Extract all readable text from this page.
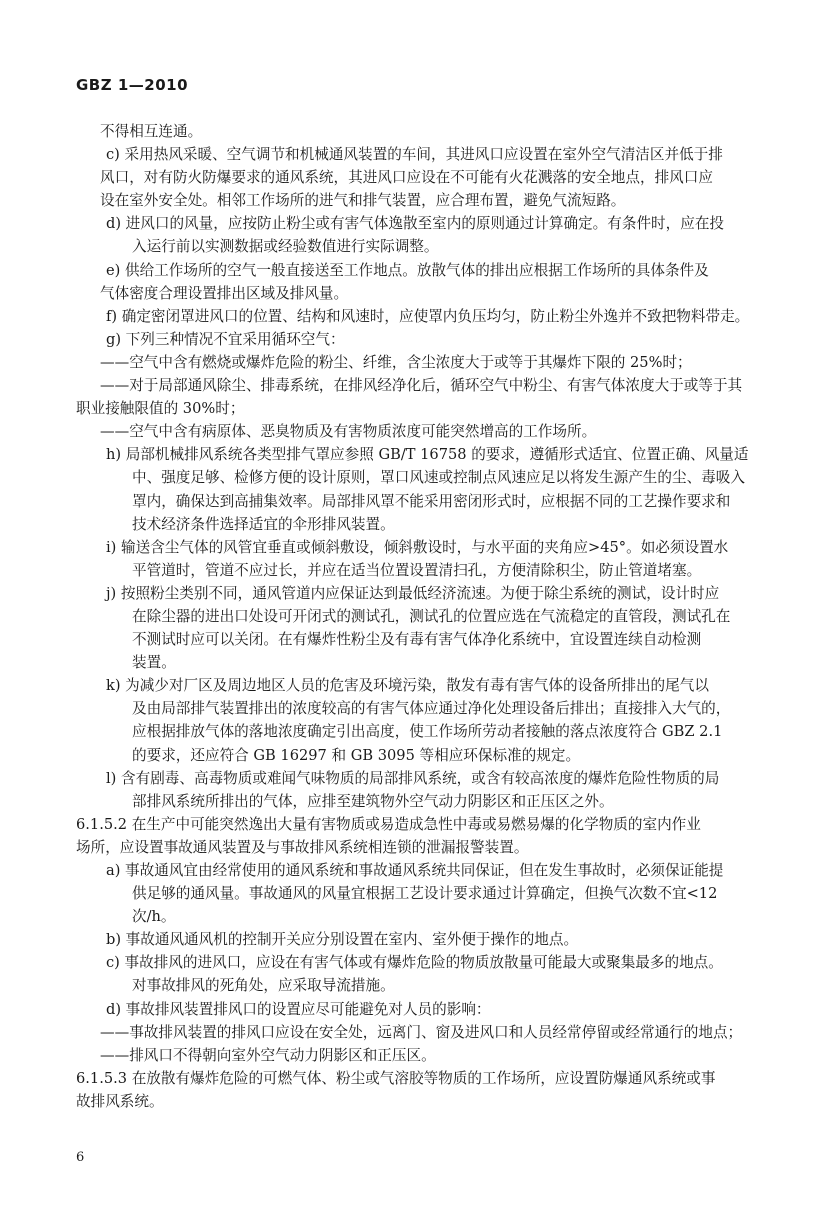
GBZ 1—2010
不得相互连通。
c) 采用热风采暖、空气调节和机械通风装置的车间，其进风口应设置在室外空气清洁区并低于排
风口，对有防火防爆要求的通风系统，其进风口应设在不可能有火花溅落的安全地点，排风口应
设在室外安全处。相邻工作场所的进气和排气装置，应合理布置，避免气流短路。
d) 进风口的风量，应按防止粉尘或有害气体逸散至室内的原则通过计算确定。有条件时，应在投
入运行前以实测数据或经验数值进行实际调整。
e) 供给工作场所的空气一般直接送至工作地点。放散气体的排出应根据工作场所的具体条件及
气体密度合理设置排出区域及排风量。
f) 确定密闭罩进风口的位置、结构和风速时，应使罩内负压均匀，防止粉尘外逸并不致把物料带走。
g) 下列三种情况不宜采用循环空气：
——空气中含有燃烧或爆炸危险的粉尘、纤维，含尘浓度大于或等于其爆炸下限的 25%时；
——对于局部通风除尘、排毒系统，在排风经净化后，循环空气中粉尘、有害气体浓度大于或等于其
职业接触限值的 30%时；
——空气中含有病原体、恶臭物质及有害物质浓度可能突然增高的工作场所。
h) 局部机械排风系统各类型排气罩应参照 GB/T 16758 的要求，遵循形式适宜、位置正确、风量适
中、强度足够、检修方便的设计原则，罩口风速或控制点风速应足以将发生源产生的尘、毒吸入
罩内，确保达到高捕集效率。局部排风罩不能采用密闭形式时，应根据不同的工艺操作要求和
技术经济条件选择适宜的伞形排风装置。
i) 输送含尘气体的风管宜垂直或倾斜敷设，倾斜敷设时，与水平面的夹角应>45°。如必须设置水
平管道时，管道不应过长，并应在适当位置设置清扫孔，方便清除积尘，防止管道堵塞。
j) 按照粉尘类别不同，通风管道内应保证达到最低经济流速。为便于除尘系统的测试，设计时应
在除尘器的进出口处设可开闭式的测试孔，测试孔的位置应选在气流稳定的直管段，测试孔在
不测试时应可以关闭。在有爆炸性粉尘及有毒有害气体净化系统中，宜设置连续自动检测
装置。
k) 为减少对厂区及周边地区人员的危害及环境污染，散发有毒有害气体的设备所排出的尾气以
及由局部排气装置排出的浓度较高的有害气体应通过净化处理设备后排出；直接排入大气的，
应根据排放气体的落地浓度确定引出高度，使工作场所劳动者接触的落点浓度符合 GBZ 2.1
的要求，还应符合 GB 16297 和 GB 3095 等相应环保标准的规定。
l) 含有剧毒、高毒物质或难闻气味物质的局部排风系统，或含有较高浓度的爆炸危险性物质的局
部排风系统所排出的气体，应排至建筑物外空气动力阴影区和正压区之外。
6.1.5.2 在生产中可能突然逸出大量有害物质或易造成急性中毒或易燃易爆的化学物质的室内作业
场所，应设置事故通风装置及与事故排风系统相连锁的泄漏报警装置。
a) 事故通风宜由经常使用的通风系统和事故通风系统共同保证，但在发生事故时，必须保证能提
供足够的通风量。事故通风的风量宜根据工艺设计要求通过计算确定，但换气次数不宜<12
次/h。
b) 事故通风通风机的控制开关应分别设置在室内、室外便于操作的地点。
c) 事故排风的进风口，应设在有害气体或有爆炸危险的物质放散量可能最大或聚集最多的地点。
对事故排风的死角处，应采取导流措施。
d) 事故排风装置排风口的设置应尽可能避免对人员的影响：
——事故排风装置的排风口应设在安全处，远离门、窗及进风口和人员经常停留或经常通行的地点；
——排风口不得朝向室外空气动力阴影区和正压区。
6.1.5.3 在放散有爆炸危险的可燃气体、粉尘或气溶胶等物质的工作场所，应设置防爆通风系统或事
故排风系统。
6
